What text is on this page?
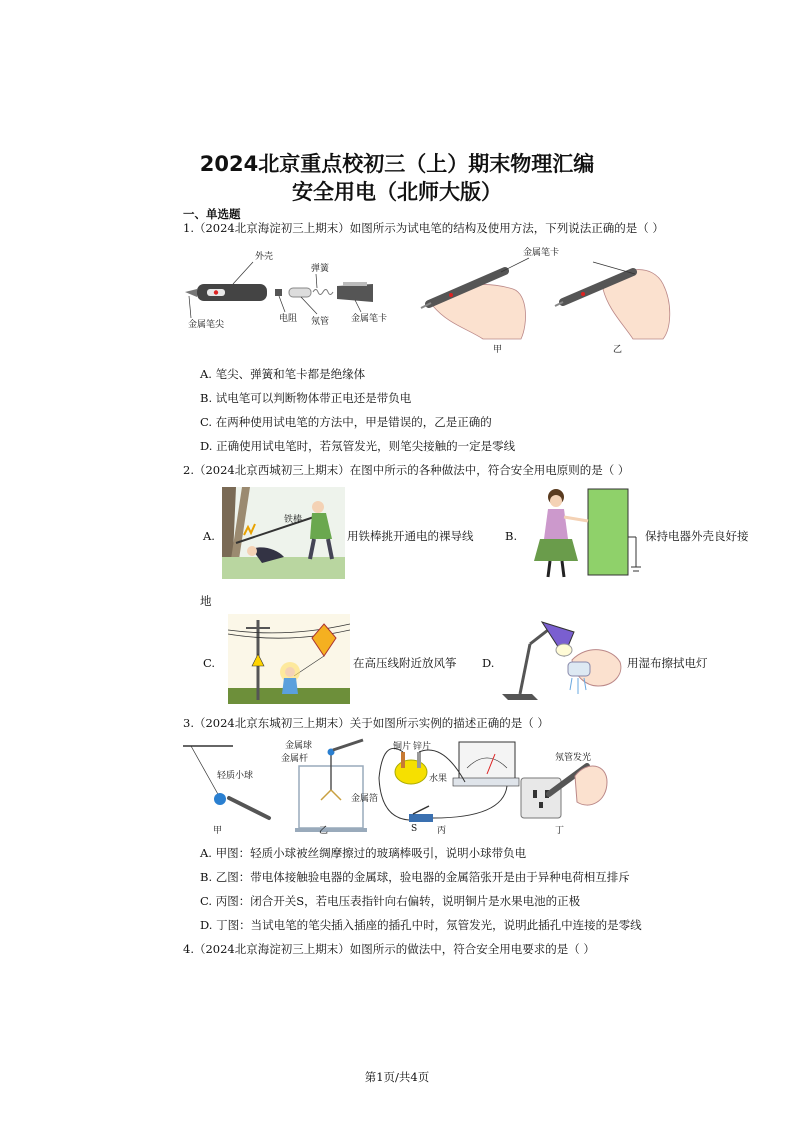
2024北京重点校初三（上）期末物理汇编
安全用电（北师大版）
一、单选题
1.（2024北京海淀初三上期末）如图所示为试电笔的结构及使用方法，下列说法正确的是（ ）
外壳
金属笔尖
电阻
弹簧
氖管 金属笔卡
金属笔卡
甲	乙
A. 笔尖、弹簧和笔卡都是绝缘体
B. 试电笔可以判断物体带正电还是带负电
C. 在两种使用试电笔的方法中，甲是错误的，乙是正确的
D. 正确使用试电笔时，若氖管发光，则笔尖接触的一定是零线
2.（2024北京西城初三上期末）在图中所示的各种做法中，符合安全用电原则的是（ ）
A.
铁棒
用铁棒挑开通电的裸导线	B.	保持电器外壳良好接
地
C.	在高压线附近放风筝 D.	用湿布擦拭电灯
3.（2024北京东城初三上期末）关于如图所示实例的描述正确的是（ ）
轻质小球
金属球
金属杆
金属箔
铜片 锌片
水果
S
氖管发光
甲	乙	丙	丁
A. 甲图：轻质小球被丝绸摩擦过的玻璃棒吸引，说明小球带负电
B. 乙图：带电体接触验电器的金属球，验电器的金属箔张开是由于异种电荷相互排斥
C. 丙图：闭合开关S，若电压表指针向右偏转，说明铜片是水果电池的正极
D. 丁图：当试电笔的笔尖插入插座的插孔中时，氖管发光，说明此插孔中连接的是零线
4.（2024北京海淀初三上期末）如图所示的做法中，符合安全用电要求的是（ ）
第1页/共4页
